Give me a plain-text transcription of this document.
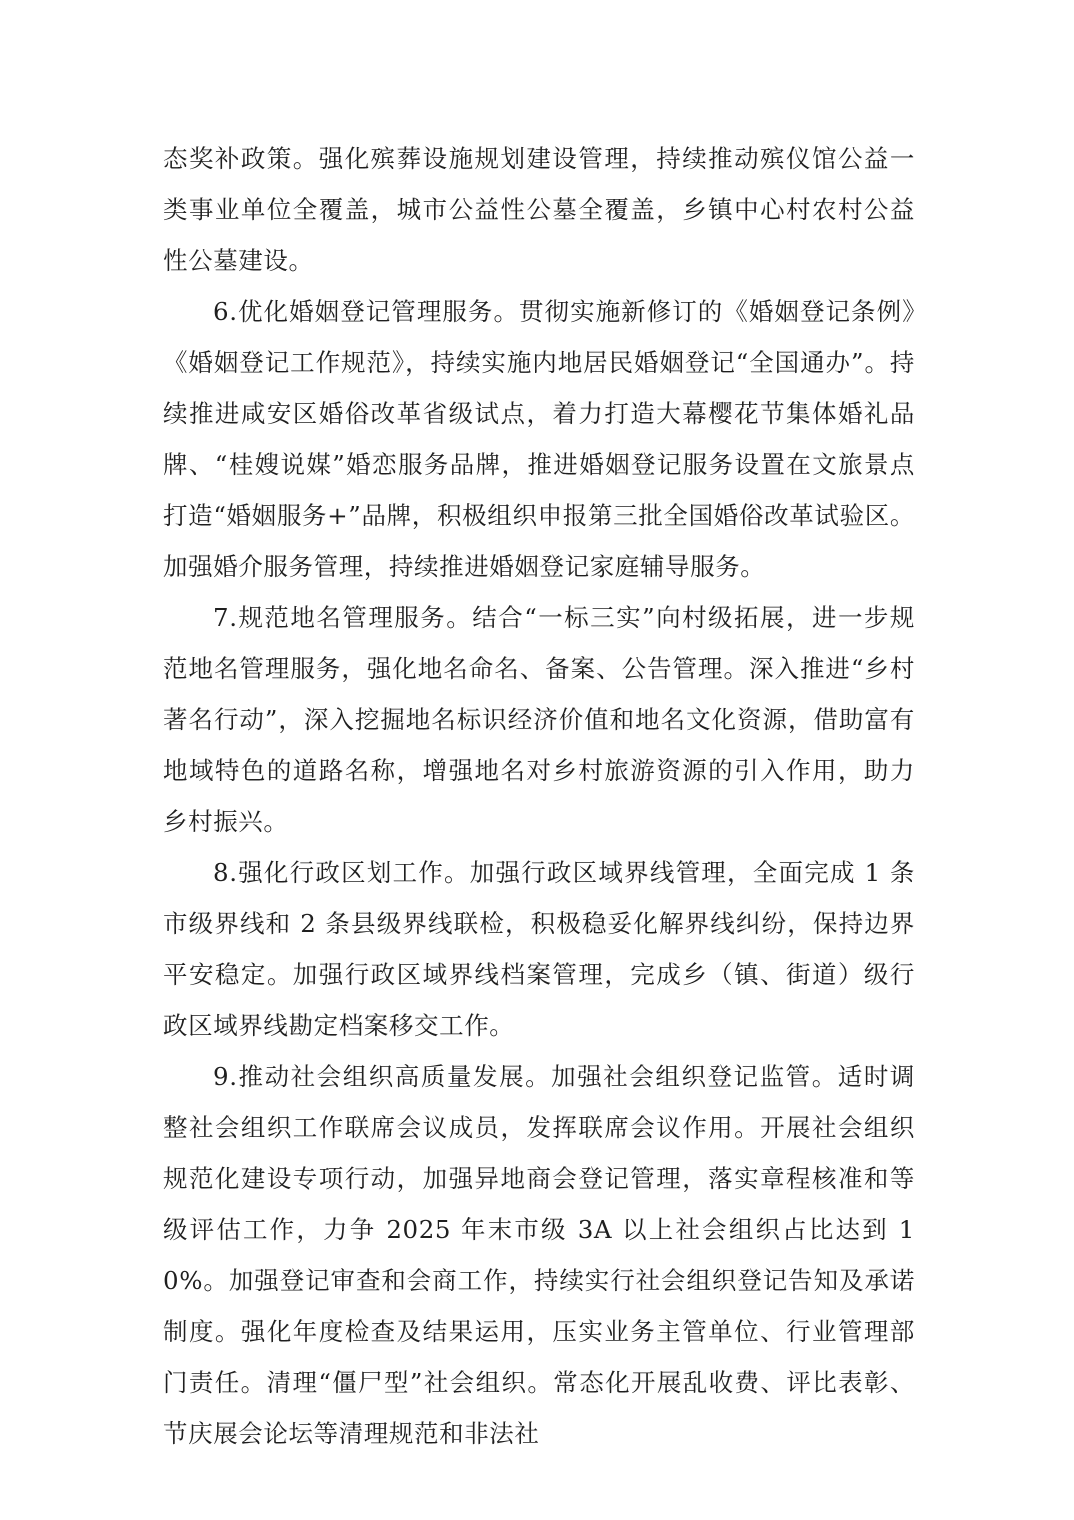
态奖补政策。强化殡葬设施规划建设管理，持续推动殡仪馆公益一类事业单位全覆盖，城市公益性公墓全覆盖，乡镇中心村农村公益性公墓建设。

6.优化婚姻登记管理服务。贯彻实施新修订的《婚姻登记条例》《婚姻登记工作规范》，持续实施内地居民婚姻登记“全国通办”。持续推进咸安区婚俗改革省级试点，着力打造大幕樱花节集体婚礼品牌、“桂嫂说媒”婚恋服务品牌，推进婚姻登记服务设置在文旅景点打造“婚姻服务+”品牌，积极组织申报第三批全国婚俗改革试验区。加强婚介服务管理，持续推进婚姻登记家庭辅导服务。

7.规范地名管理服务。结合“一标三实”向村级拓展，进一步规范地名管理服务，强化地名命名、备案、公告管理。深入推进“乡村著名行动”，深入挖掘地名标识经济价值和地名文化资源，借助富有地域特色的道路名称，增强地名对乡村旅游资源的引入作用，助力乡村振兴。

8.强化行政区划工作。加强行政区域界线管理，全面完成 1 条市级界线和 2 条县级界线联检，积极稳妥化解界线纠纷，保持边界平安稳定。加强行政区域界线档案管理，完成乡（镇、街道）级行政区域界线勘定档案移交工作。

9.推动社会组织高质量发展。加强社会组织登记监管。适时调整社会组织工作联席会议成员，发挥联席会议作用。开展社会组织规范化建设专项行动，加强异地商会登记管理，落实章程核准和等级评估工作，力争 2025 年末市级 3A 以上社会组织占比达到 10%。加强登记审查和会商工作，持续实行社会组织登记告知及承诺制度。强化年度检查及结果运用，压实业务主管单位、行业管理部门责任。清理“僵尸型”社会组织。常态化开展乱收费、评比表彰、节庆展会论坛等清理规范和非法社
